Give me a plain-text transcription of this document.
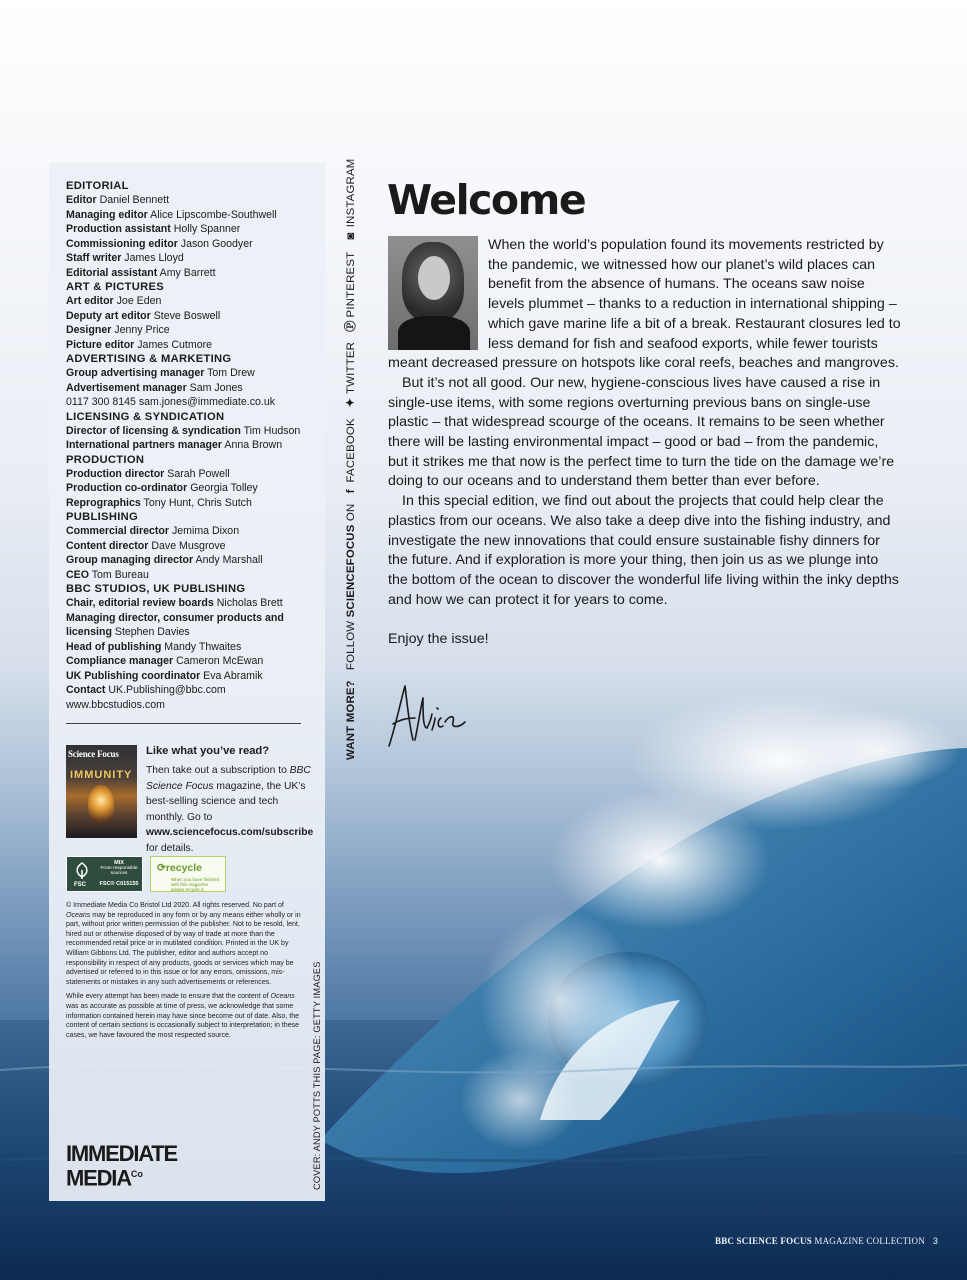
EDITORIAL
Editor Daniel Bennett
Managing editor Alice Lipscombe-Southwell
Production assistant Holly Spanner
Commissioning editor Jason Goodyer
Staff writer James Lloyd
Editorial assistant Amy Barrett
ART & PICTURES
Art editor Joe Eden
Deputy art editor Steve Boswell
Designer Jenny Price
Picture editor James Cutmore
ADVERTISING & MARKETING
Group advertising manager Tom Drew
Advertisement manager Sam Jones
0117 300 8145 sam.jones@immediate.co.uk
LICENSING & SYNDICATION
Director of licensing & syndication Tim Hudson
International partners manager Anna Brown
PRODUCTION
Production director Sarah Powell
Production co-ordinator Georgia Tolley
Reprographics Tony Hunt, Chris Sutch
PUBLISHING
Commercial director Jemima Dixon
Content director Dave Musgrove
Group managing director Andy Marshall
CEO Tom Bureau
BBC STUDIOS, UK PUBLISHING
Chair, editorial review boards Nicholas Brett
Managing director, consumer products and licensing Stephen Davies
Head of publishing Mandy Thwaites
Compliance manager Cameron McEwan
UK Publishing coordinator Eva Abramik
Contact UK.Publishing@bbc.com
www.bbcstudios.com
Science Focus
IMMUNITY
Like what you’ve read?
Then take out a subscription to BBC Science Focus magazine, the UK’s best-selling science and tech monthly. Go to www.sciencefocus.com/subscribe for details.
FSC
MIX
From responsible sources
FSC® C015155
⟳recycle
When you have finished with this magazine please recycle it.

© Immediate Media Co Bristol Ltd 2020. All rights reserved. No part of Oceans may be reproduced in any form or by any means either wholly or in part, without prior written permission of the publisher. Not to be resold, lent, hired out or otherwise disposed of by way of trade at more than the recommended retail price or in mutilated condition. Printed in the UK by William Gibbons Ltd. The publisher, editor and authors accept no responsibility in respect of any products, goods or services which may be advertised or referred to in this issue or for any errors, omissions, mis-statements or mistakes in any such advertisements or references.

While every attempt has been made to ensure that the content of Oceans was as accurate as possible at time of press, we acknowledge that some information contained herein may have since become out of date. Also, the content of certain sections is occasionally subject to interpretation; in these cases, we have favoured the most respected source.

IMMEDIATE
$MEDIA^{Co}$
WANT MORE?   FOLLOW SCIENCEFOCUS ON  f FACEBOOK   ✦ TWITTER   Ⓟ PINTEREST   ◙ INSTAGRAM
COVER: ANDY POTTS THIS PAGE: GETTY IMAGES
Welcome

When the world’s population found its movements restricted by the pandemic, we witnessed how our planet’s wild places can benefit from the absence of humans. The oceans saw noise levels plummet – thanks to a reduction in international shipping – which gave marine life a bit of a break. Restaurant closures led to less demand for fish and seafood exports, while fewer tourists meant decreased pressure on hotspots like coral reefs, beaches and mangroves.

But it’s not all good. Our new, hygiene-conscious lives have caused a rise in single-use items, with some regions overturning previous bans on single-use plastic – that widespread scourge of the oceans. It remains to be seen whether there will be lasting environmental impact – good or bad – from the pandemic, but it strikes me that now is the perfect time to turn the tide on the damage we’re doing to our oceans and to understand them better than ever before.

In this special edition, we find out about the projects that could help clear the plastics from our oceans. We also take a deep dive into the fishing industry, and investigate the new innovations that could ensure sustainable fishy dinners for the future. And if exploration is more your thing, then join us as we plunge into the bottom of the ocean to discover the wonderful life living within the inky depths and how we can protect it for years to come.

Enjoy the issue!

BBC SCIENCE FOCUS MAGAZINE COLLECTION 3
